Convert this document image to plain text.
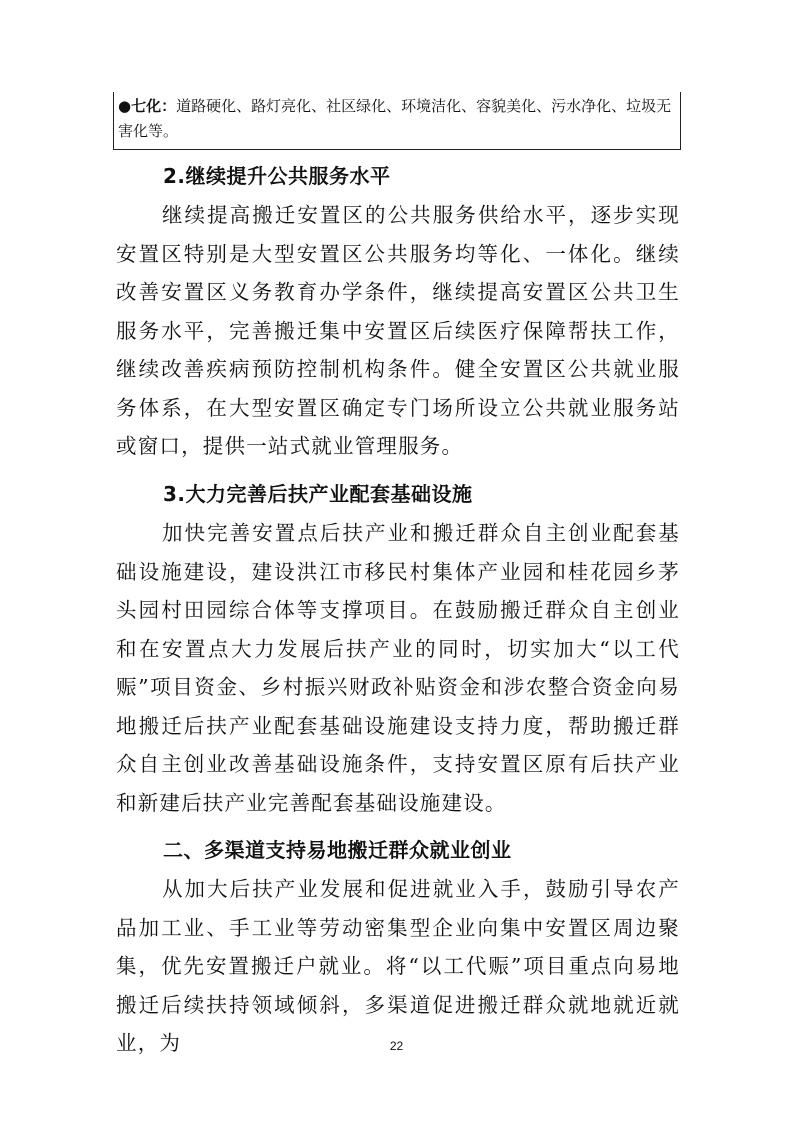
●七化：道路硬化、路灯亮化、社区绿化、环境洁化、容貌美化、污水净化、垃圾无害化等。
2.继续提升公共服务水平
继续提高搬迁安置区的公共服务供给水平，逐步实现安置区特别是大型安置区公共服务均等化、一体化。继续改善安置区义务教育办学条件，继续提高安置区公共卫生服务水平，完善搬迁集中安置区后续医疗保障帮扶工作，继续改善疾病预防控制机构条件。健全安置区公共就业服务体系，在大型安置区确定专门场所设立公共就业服务站或窗口，提供一站式就业管理服务。
3.大力完善后扶产业配套基础设施
加快完善安置点后扶产业和搬迁群众自主创业配套基础设施建设，建设洪江市移民村集体产业园和桂花园乡茅头园村田园综合体等支撑项目。在鼓励搬迁群众自主创业和在安置点大力发展后扶产业的同时，切实加大“以工代赈”项目资金、乡村振兴财政补贴资金和涉农整合资金向易地搬迁后扶产业配套基础设施建设支持力度，帮助搬迁群众自主创业改善基础设施条件，支持安置区原有后扶产业和新建后扶产业完善配套基础设施建设。
二、多渠道支持易地搬迁群众就业创业
从加大后扶产业发展和促进就业入手，鼓励引导农产品加工业、手工业等劳动密集型企业向集中安置区周边聚集，优先安置搬迁户就业。将“以工代赈”项目重点向易地搬迁后续扶持领域倾斜，多渠道促进搬迁群众就地就近就业，为	22
